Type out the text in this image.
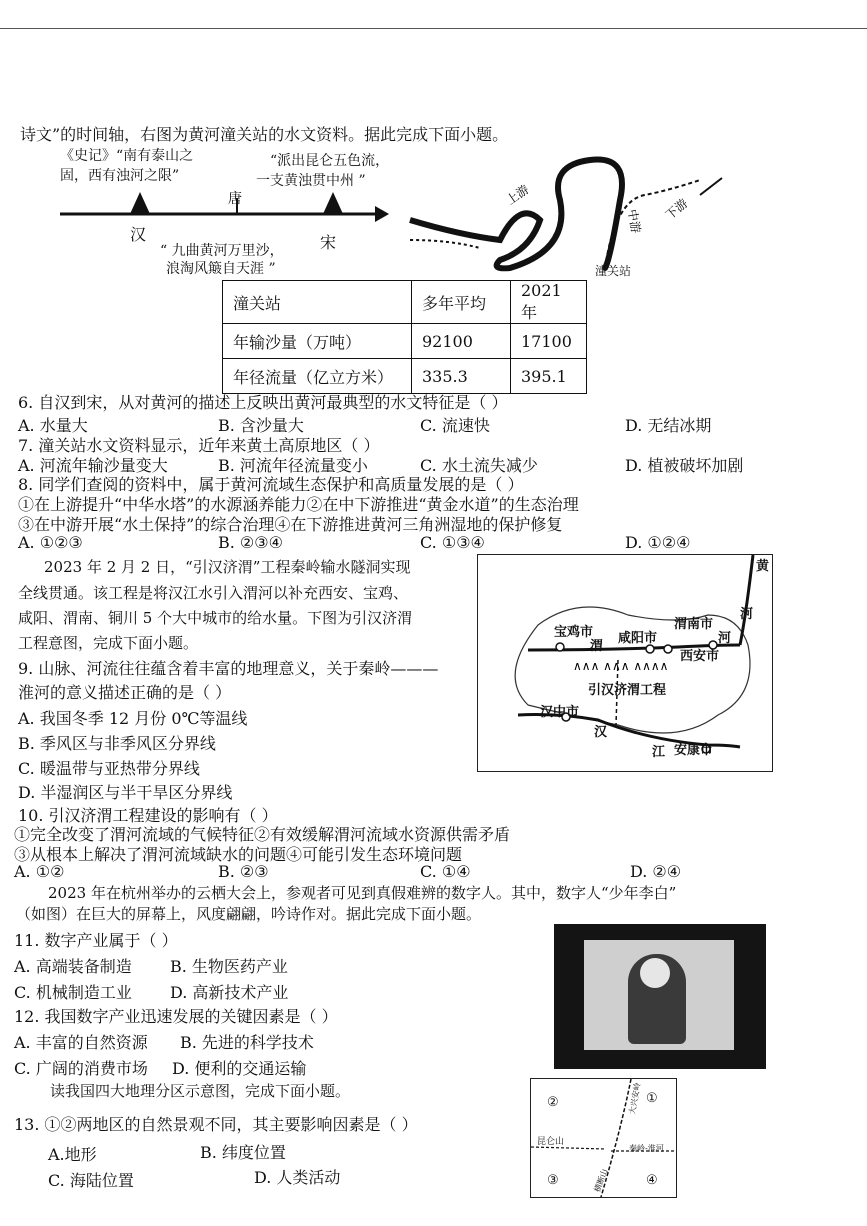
诗文”的时间轴，右图为黄河潼关站的水文资料。据此完成下面小题。
《史记》“南有泰山之
固，西有浊河之限”
“派出昆仑五色流，
一支黄浊贯中州 ”
汉
唐
宋
“ 九曲黄河万里沙，
浪淘风簸自天涯 ”
上游
中游 下游
潼关站
潼关站	多年平均	2021年
年输沙量（万吨）	92100	17100
年径流量（亿立方米）	335.3	395.1
6. 自汉到宋，从对黄河的描述上反映出黄河最典型的水文特征是（ ）
A. 水量大	B. 含沙量大	C. 流速快	D. 无结冰期
7. 潼关站水文资料显示，近年来黄土高原地区（ ）
A. 河流年输沙量变大	B. 河流年径流量变小	C. 水土流失减少	D. 植被破坏加剧
8. 同学们查阅的资料中，属于黄河流域生态保护和高质量发展的是（ ）
①在上游提升“中华水塔”的水源涵养能力②在中下游推进“黄金水道”的生态治理
③在中游开展“水土保持”的综合治理④在下游推进黄河三角洲湿地的保护修复
A. ①②③	B. ②③④	C. ①③④	D. ①②④
2023 年 2 月 2 日，“引汉济渭”工程秦岭输水隧洞实现
全线贯通。该工程是将汉江水引入渭河以补充西安、宝鸡、
咸阳、渭南、铜川 5 个大中城市的给水量。下图为引汉济渭
工程意图，完成下面小题。
∧∧∧ ∧∧∧ ∧∧∧∧
黄
河
宝鸡市
渭
咸阳市
渭南市
河
西安市
引汉济渭工程
汉中市
汉
江 安康市
9. 山脉、河流往往蕴含着丰富的地理意义，关于秦岭———
淮河的意义描述正确的是（ ）
A. 我国冬季 12 月份 0℃等温线
B. 季风区与非季风区分界线
C. 暖温带与亚热带分界线
D. 半湿润区与半干旱区分界线
10. 引汉济渭工程建设的影响有（ ）
①完全改变了渭河流域的气候特征②有效缓解渭河流域水资源供需矛盾
③从根本上解决了渭河流域缺水的问题④可能引发生态环境问题
A. ①②	B. ②③	C. ①④	D. ②④
2023 年在杭州举办的云栖大会上，参观者可见到真假难辨的数字人。其中，数字人“少年李白”
（如图）在巨大的屏幕上，风度翩翩，吟诗作对。据此完成下面小题。
11. 数字产业属于（ ）
A. 高端装备制造 B. 生物医药产业
C. 机械制造工业 D. 高新技术产业
12. 我国数字产业迅速发展的关键因素是（ ）
A. 丰富的自然资源 B. 先进的科学技术
C. 广阔的消费市场 D. 便利的交通运输
读我国四大地理分区示意图，完成下面小题。
②	①
③	④
昆仑山
大兴安岭
秦岭-淮河
横断山
13. ①②两地区的自然景观不同，其主要影响因素是（ ）
A.地形	B. 纬度位置
C. 海陆位置	D. 人类活动
